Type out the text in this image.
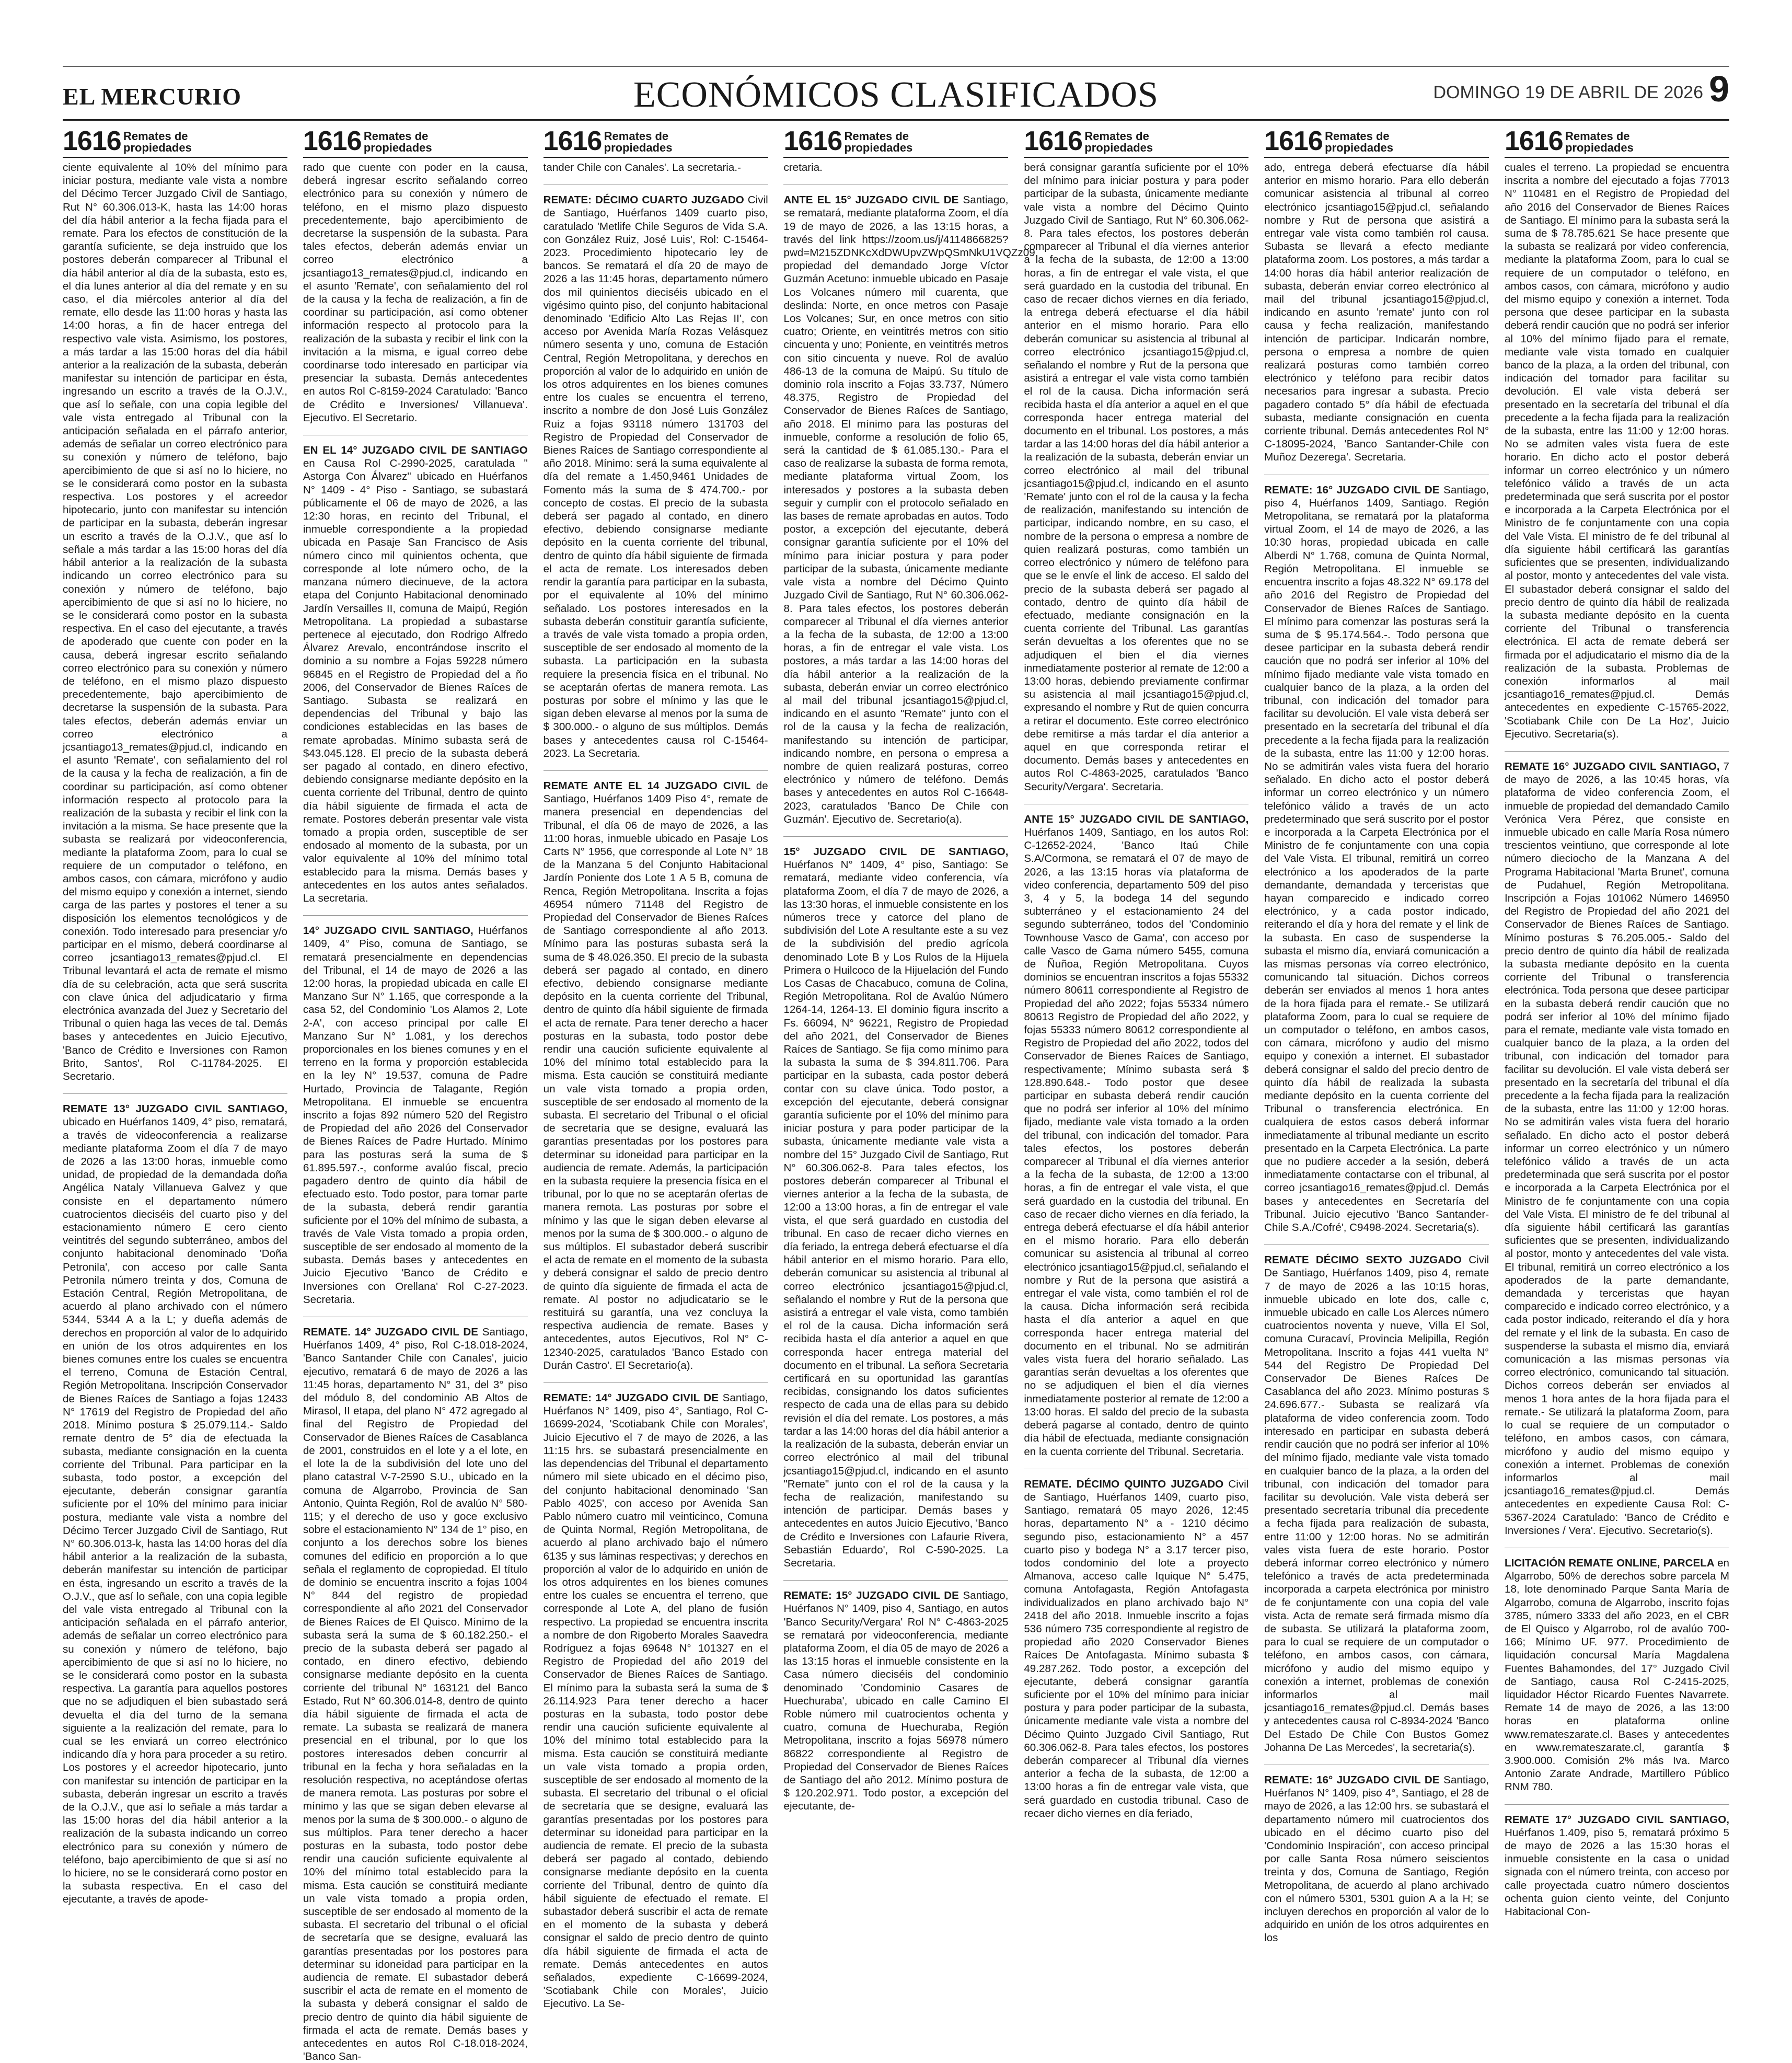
EL MERCURIO	ECONÓMICOS CLASIFICADOS	DOMINGO 19 DE ABRIL DE 2026 9
1616 Remates de
propiedades

ciente equivalente al 10% del mínimo para iniciar postura, mediante vale vista a nombre del Décimo Tercer Juzgado Civil de Santiago, Rut N° 60.306.013-K, hasta las 14:00 horas del día hábil anterior a la fecha fijada para el remate. Para los efectos de constitución de la garantía suficiente, se deja instruido que los postores deberán comparecer al Tribunal el día hábil anterior al día de la subasta, esto es, el día lunes anterior al día del remate y en su caso, el día miércoles anterior al día del remate, ello desde las 11:00 horas y hasta las 14:00 horas, a fin de hacer entrega del respectivo vale vista. Asimismo, los postores, a más tardar a las 15:00 horas del día hábil anterior a la realización de la subasta, deberán manifestar su intención de participar en ésta, ingresando un escrito a través de la O.J.V., que así lo señale, con una copia legible del vale vista entregado al Tribunal con la anticipación señalada en el párrafo anterior, además de señalar un correo electrónico para su conexión y número de teléfono, bajo apercibimiento de que si así no lo hiciere, no se le considerará como postor en la subasta respectiva. Los postores y el acreedor hipotecario, junto con manifestar su intención de participar en la subasta, deberán ingresar un escrito a través de la O.J.V., que así lo señale a más tardar a las 15:00 horas del día hábil anterior a la realización de la subasta indicando un correo electrónico para su conexión y número de teléfono, bajo apercibimiento de que si así no lo hiciere, no se le considerará como postor en la subasta respectiva. En el caso del ejecutante, a través de apoderado que cuente con poder en la causa, deberá ingresar escrito señalando correo electrónico para su conexión y número de teléfono, en el mismo plazo dispuesto precedentemente, bajo apercibimiento de decretarse la suspensión de la subasta. Para tales efectos, deberán además enviar un correo electrónico a jcsantiago13_remates@pjud.cl, indicando en el asunto 'Remate', con señalamiento del rol de la causa y la fecha de realización, a fin de coordinar su participación, así como obtener información respecto al protocolo para la realización de la subasta y recibir el link con la invitación a la misma. Se hace presente que la subasta se realizará por videoconferencia, mediante la plataforma Zoom, para lo cual se requiere de un computador o teléfono, en ambos casos, con cámara, micrófono y audio del mismo equipo y conexión a internet, siendo carga de las partes y postores el tener a su disposición los elementos tecnológicos y de conexión. Todo interesado para presenciar y/o participar en el mismo, deberá coordinarse al correo jcsantiago13_remates@pjud.cl. El Tribunal levantará el acta de remate el mismo día de su celebración, acta que será suscrita con clave única del adjudicatario y firma electrónica avanzada del Juez y Secretario del Tribunal o quien haga las veces de tal. Demás bases y antecedentes en Juicio Ejecutivo, 'Banco de Crédito e Inversiones con Ramon Brito, Santos', Rol C-11784-2025. El Secretario.

REMATE 13° JUZGADO CIVIL SANTIAGO, ubicado en Huérfanos 1409, 4° piso, rematará, a través de videoconferencia a realizarse mediante plataforma Zoom el día 7 de mayo de 2026 a las 13:00 horas, inmueble como unidad, de propiedad de la demandada doña Angélica Nataly Villanueva Galvez y que consiste en el departamento número cuatrocientos dieciséis del cuarto piso y del estacionamiento número E cero ciento veintitrés del segundo subterráneo, ambos del conjunto habitacional denominado 'Doña Petronila', con acceso por calle Santa Petronila número treinta y dos, Comuna de Estación Central, Región Metropolitana, de acuerdo al plano archivado con el número 5344, 5344 A a la L; y dueña además de derechos en proporción al valor de lo adquirido en unión de los otros adquirentes en los bienes comunes entre los cuales se encuentra el terreno, Comuna de Estación Central, Región Metropolitana. Inscripción Conservador de Bienes Raíces de Santiago a fojas 12433 N° 17619 del Registro de Propiedad del año 2018. Mínimo postura $ 25.079.114.- Saldo remate dentro de 5° día de efectuada la subasta, mediante consignación en la cuenta corriente del Tribunal. Para participar en la subasta, todo postor, a excepción del ejecutante, deberán consignar garantía suficiente por el 10% del mínimo para iniciar postura, mediante vale vista a nombre del Décimo Tercer Juzgado Civil de Santiago, Rut N° 60.306.013-k, hasta las 14:00 horas del día hábil anterior a la realización de la subasta, deberán manifestar su intención de participar en ésta, ingresando un escrito a través de la O.J.V., que así lo señale, con una copia legible del vale vista entregado al Tribunal con la anticipación señalada en el párrafo anterior, además de señalar un correo electrónico para su conexión y número de teléfono, bajo apercibimiento de que si así no lo hiciere, no se le considerará como postor en la subasta respectiva. La garantía para aquellos postores que no se adjudiquen el bien subastado será devuelta el día del turno de la semana siguiente a la realización del remate, para lo cual se les enviará un correo electrónico indicando día y hora para proceder a su retiro. Los postores y el acreedor hipotecario, junto con manifestar su intención de participar en la subasta, deberán ingresar un escrito a través de la O.J.V., que así lo señale a más tardar a las 15:00 horas del día hábil anterior a la realización de la subasta indicando un correo electrónico para su conexión y número de teléfono, bajo apercibimiento de que si así no lo hiciere, no se le considerará como postor en la subasta respectiva. En el caso del ejecutante, a través de apode-

1616 Remates de
propiedades

rado que cuente con poder en la causa, deberá ingresar escrito señalando correo electrónico para su conexión y número de teléfono, en el mismo plazo dispuesto precedentemente, bajo apercibimiento de decretarse la suspensión de la subasta. Para tales efectos, deberán además enviar un correo electrónico a jcsantiago13_remates@pjud.cl, indicando en el asunto 'Remate', con señalamiento del rol de la causa y la fecha de realización, a fin de coordinar su participación, así como obtener información respecto al protocolo para la realización de la subasta y recibir el link con la invitación a la misma, e igual correo debe coordinarse todo interesado en participar vía presenciar la subasta. Demás antecedentes en autos Rol C-8159-2024 Caratulado: 'Banco de Crédito e Inversiones/ Villanueva'. Ejecutivo. El Secretario.

EN EL 14° JUZGADO CIVIL DE SANTIAGO en Causa Rol C-2990-2025, caratulada " Astorga Con Álvarez" ubicado en Huérfanos N° 1409 - 4° Piso - Santiago, se subastará públicamente el 06 de mayo de 2026, a las 12:30 horas, en recinto del Tribunal, el inmueble correspondiente a la propiedad ubicada en Pasaje San Francisco de Asis número cinco mil quinientos ochenta, que corresponde al lote número ocho, de la manzana número diecinueve, de la actora etapa del Conjunto Habitacional denominado Jardín Versailles II, comuna de Maipú, Región Metropolitana. La propiedad a subastarse pertenece al ejecutado, don Rodrigo Alfredo Álvarez Arevalo, encontrándose inscrito el dominio a su nombre a Fojas 59228 número 96845 en el Registro de Propiedad del a ño 2006, del Conservador de Bienes Raíces de Santiago. Subasta se realizará en dependencias del Tribunal y bajo las condiciones establecidas en las bases de remate aprobadas. Mínimo subasta será de $43.045.128. El precio de la subasta deberá ser pagado al contado, en dinero efectivo, debiendo consignarse mediante depósito en la cuenta corriente del Tribunal, dentro de quinto día hábil siguiente de firmada el acta de remate. Postores deberán presentar vale vista tomado a propia orden, susceptible de ser endosado al momento de la subasta, por un valor equivalente al 10% del mínimo total establecido para la misma. Demás bases y antecedentes en los autos antes señalados. La secretaria.

14° JUZGADO CIVIL SANTIAGO, Huérfanos 1409, 4° Piso, comuna de Santiago, se rematará presencialmente en dependencias del Tribunal, el 14 de mayo de 2026 a las 12:00 horas, la propiedad ubicada en calle El Manzano Sur N° 1.165, que corresponde a la casa 52, del Condominio 'Los Alamos 2, Lote 2-A', con acceso principal por calle El Manzano Sur N° 1.081, y los derechos proporcionales en los bienes comunes y en el terreno en la forma y proporción establecida en la ley N° 19.537, comuna de Padre Hurtado, Provincia de Talagante, Región Metropolitana. El inmueble se encuentra inscrito a fojas 892 número 520 del Registro de Propiedad del año 2026 del Conservador de Bienes Raíces de Padre Hurtado. Mínimo para las posturas será la suma de $ 61.895.597.-, conforme avalúo fiscal, precio pagadero dentro de quinto día hábil de efectuado esto. Todo postor, para tomar parte de la subasta, deberá rendir garantía suficiente por el 10% del mínimo de subasta, a través de Vale Vista tomado a propia orden, susceptible de ser endosado al momento de la subasta. Demás bases y antecedentes en Juicio Ejecutivo 'Banco de Crédito e Inversiones con Orellana' Rol C-27-2023. Secretaria.

REMATE. 14° JUZGADO CIVIL DE Santiago, Huérfanos 1409, 4° piso, Rol C-18.018-2024, 'Banco Santander Chile con Canales', juicio ejecutivo, rematará 6 de mayo de 2026 a las 11:45 horas, departamento N° 31, del 3° piso del módulo 8, del condominio AB Altos de Mirasol, II etapa, del plano N° 472 agregado al final del Registro de Propiedad del Conservador de Bienes Raíces de Casablanca de 2001, construidos en el lote y a el lote, en el lote la de la subdivisión del lote uno del plano catastral V-7-2590 S.U., ubicado en la comuna de Algarrobo, Provincia de San Antonio, Quinta Región, Rol de avalúo N° 580-115; y el derecho de uso y goce exclusivo sobre el estacionamiento N° 134 de 1° piso, en conjunto a los derechos sobre los bienes comunes del edificio en proporción a lo que señala el reglamento de copropiedad. El título de dominio se encuentra inscrito a fojas 1004 N° 844 del registro de propiedad correspondiente al año 2021 del Conservador de Bienes Raíces de El Quisco. Mínimo de la subasta será la suma de $ 60.182.250.- el precio de la subasta deberá ser pagado al contado, en dinero efectivo, debiendo consignarse mediante depósito en la cuenta corriente del tribunal N° 163121 del Banco Estado, Rut N° 60.306.014-8, dentro de quinto día hábil siguiente de firmada el acta de remate. La subasta se realizará de manera presencial en el tribunal, por lo que los postores interesados deben concurrir al tribunal en la fecha y hora señaladas en la resolución respectiva, no aceptándose ofertas de manera remota. Las posturas por sobre el mínimo y las que se sigan deben elevarse al menos por la suma de $ 300.000.- o alguno de sus múltiplos. Para tener derecho a hacer posturas en la subasta, todo postor debe rendir una caución suficiente equivalente al 10% del mínimo total establecido para la misma. Esta caución se constituirá mediante un vale vista tomado a propia orden, susceptible de ser endosado al momento de la subasta. El secretario del tribunal o el oficial de secretaría que se designe, evaluará las garantías presentadas por los postores para determinar su idoneidad para participar en la audiencia de remate. El subastador deberá suscribir el acta de remate en el momento de la subasta y deberá consignar el saldo de precio dentro de quinto día hábil siguiente de firmada el acta de remate. Demás bases y antecedentes en autos Rol C-18.018-2024, 'Banco San-

1616 Remates de
propiedades

tander Chile con Canales'. La secretaria.-

REMATE: DÉCIMO CUARTO JUZGADO Civil de Santiago, Huérfanos 1409 cuarto piso, caratulado 'Metlife Chile Seguros de Vida S.A. con González Ruiz, José Luis', Rol: C-15464-2023. Procedimiento hipotecario ley de bancos. Se rematará el día 20 de mayo de 2026 a las 11:45 horas, departamento número dos mil quinientos dieciséis ubicado en el vigésimo quinto piso, del conjunto habitacional denominado 'Edificio Alto Las Rejas II', con acceso por Avenida María Rozas Velásquez número sesenta y uno, comuna de Estación Central, Región Metropolitana, y derechos en proporción al valor de lo adquirido en unión de los otros adquirentes en los bienes comunes entre los cuales se encuentra el terreno, inscrito a nombre de don José Luis González Ruiz a fojas 93118 número 131703 del Registro de Propiedad del Conservador de Bienes Raíces de Santiago correspondiente al año 2018. Mínimo: será la suma equivalente al día del remate a 1.450,9461 Unidades de Fomento más la suma de $ 474.700.- por concepto de costas. El precio de la subasta deberá ser pagado al contado, en dinero efectivo, debiendo consignarse mediante depósito en la cuenta corriente del tribunal, dentro de quinto día hábil siguiente de firmada el acta de remate. Los interesados deben rendir la garantía para participar en la subasta, por el equivalente al 10% del mínimo señalado. Los postores interesados en la subasta deberán constituir garantía suficiente, a través de vale vista tomado a propia orden, susceptible de ser endosado al momento de la subasta. La participación en la subasta requiere la presencia física en el tribunal. No se aceptarán ofertas de manera remota. Las posturas por sobre el mínimo y las que le sigan deben elevarse al menos por la suma de $ 300.000.- o alguno de sus múltiplos. Demás bases y antecedentes causa rol C-15464-2023. La Secretaria.

REMATE ANTE EL 14 JUZGADO CIVIL de Santiago, Huérfanos 1409 Piso 4°, remate de manera presencial en dependencias del Tribunal, el día 06 de mayo de 2026, a las 11:00 horas, inmueble ubicado en Pasaje Los Carts N° 1956, que corresponde al Lote N° 18 de la Manzana 5 del Conjunto Habitacional Jardín Poniente dos Lote 1 A 5 B, comuna de Renca, Región Metropolitana. Inscrita a fojas 46954 número 71148 del Registro de Propiedad del Conservador de Bienes Raíces de Santiago correspondiente al año 2013. Mínimo para las posturas subasta será la suma de $ 48.026.350. El precio de la subasta deberá ser pagado al contado, en dinero efectivo, debiendo consignarse mediante depósito en la cuenta corriente del Tribunal, dentro de quinto día hábil siguiente de firmada el acta de remate. Para tener derecho a hacer posturas en la subasta, todo postor debe rendir una caución suficiente equivalente al 10% del mínimo total establecido para la misma. Esta caución se constituirá mediante un vale vista tomado a propia orden, susceptible de ser endosado al momento de la subasta. El secretario del Tribunal o el oficial de secretaría que se designe, evaluará las garantías presentadas por los postores para determinar su idoneidad para participar en la audiencia de remate. Además, la participación en la subasta requiere la presencia física en el tribunal, por lo que no se aceptarán ofertas de manera remota. Las posturas por sobre el mínimo y las que le sigan deben elevarse al menos por la suma de $ 300.000.- o alguno de sus múltiplos. El subastador deberá suscribir el acta de remate en el momento de la subasta y deberá consignar el saldo de precio dentro de quinto día siguiente de firmada el acta de remate. Al postor no adjudicatario se le restituirá su garantía, una vez concluya la respectiva audiencia de remate. Bases y antecedentes, autos Ejecutivos, Rol N° C-12340-2025, caratulados 'Banco Estado con Durán Castro'. El Secretario(a).

REMATE: 14° JUZGADO CIVIL DE Santiago, Huérfanos N° 1409, piso 4°, Santiago, Rol C-16699-2024, 'Scotiabank Chile con Morales', Juicio Ejecutivo el 7 de mayo de 2026, a las 11:15 hrs. se subastará presencialmente en las dependencias del Tribunal el departamento número mil siete ubicado en el décimo piso, del conjunto habitacional denominado 'San Pablo 4025', con acceso por Avenida San Pablo número cuatro mil veinticinco, Comuna de Quinta Normal, Región Metropolitana, de acuerdo al plano archivado bajo el número 6135 y sus láminas respectivas; y derechos en proporción al valor de lo adquirido en unión de los otros adquirentes en los bienes comunes entre los cuales se encuentra el terreno, que corresponde al Lote A, del plano de fusión respectivo. La propiedad se encuentra inscrita a nombre de don Rigoberto Morales Saavedra Rodríguez a fojas 69648 N° 101327 en el Registro de Propiedad del año 2019 del Conservador de Bienes Raíces de Santiago. El mínimo para la subasta será la suma de $ 26.114.923 Para tener derecho a hacer posturas en la subasta, todo postor debe rendir una caución suficiente equivalente al 10% del mínimo total establecido para la misma. Esta caución se constituirá mediante un vale vista tomado a propia orden, susceptible de ser endosado al momento de la subasta. El secretario del tribunal o el oficial de secretaría que se designe, evaluará las garantías presentadas por los postores para determinar su idoneidad para participar en la audiencia de remate. El precio de la subasta deberá ser pagado al contado, debiendo consignarse mediante depósito en la cuenta corriente del Tribunal, dentro de quinto día hábil siguiente de efectuado el remate. El subastador deberá suscribir el acta de remate en el momento de la subasta y deberá consignar el saldo de precio dentro de quinto día hábil siguiente de firmada el acta de remate. Demás antecedentes en autos señalados, expediente C-16699-2024, 'Scotiabank Chile con Morales', Juicio Ejecutivo. La Se-

1616 Remates de
propiedades

cretaria.

ANTE EL 15° JUZGADO CIVIL DE Santiago, se rematará, mediante plataforma Zoom, el día 19 de mayo de 2026, a las 13:15 horas, a través del link https://zoom.us/j/4114866825? pwd=M215ZDNKcXdDWUpvZWpQSmNkU1VQZz09, propiedad del demandado Jorge Víctor Guzmán Acetuno: inmueble ubicado en Pasaje Los Volcanes número mil cuarenta, que deslinda: Norte, en once metros con Pasaje Los Volcanes; Sur, en once metros con sitio cuatro; Oriente, en veintitrés metros con sitio cincuenta y uno; Poniente, en veintitrés metros con sitio cincuenta y nueve. Rol de avalúo 486-13 de la comuna de Maipú. Su título de dominio rola inscrito a Fojas 33.737, Número 48.375, Registro de Propiedad del Conservador de Bienes Raíces de Santiago, año 2018. El mínimo para las posturas del inmueble, conforme a resolución de folio 65, será la cantidad de $ 61.085.130.- Para el caso de realizarse la subasta de forma remota, mediante plataforma virtual Zoom, los interesados y postores a la subasta deben seguir y cumplir con el protocolo señalado en las bases de remate aprobadas en autos. Todo postor, a excepción del ejecutante, deberá consignar garantía suficiente por el 10% del mínimo para iniciar postura y para poder participar de la subasta, únicamente mediante vale vista a nombre del Décimo Quinto Juzgado Civil de Santiago, Rut N° 60.306.062-8. Para tales efectos, los postores deberán comparecer al Tribunal el día viernes anterior a la fecha de la subasta, de 12:00 a 13:00 horas, a fin de entregar el vale vista. Los postores, a más tardar a las 14:00 horas del día hábil anterior a la realización de la subasta, deberán enviar un correo electrónico al mail del tribunal jcsantiago15@pjud.cl, indicando en el asunto "Remate" junto con el rol de la causa y la fecha de realización, manifestando su intención de participar, indicando nombre, en persona o empresa a nombre de quien realizará posturas, correo electrónico y número de teléfono. Demás bases y antecedentes en autos Rol C-16648-2023, caratulados 'Banco De Chile con Guzmán'. Ejecutivo de. Secretario(a).

15° JUZGADO CIVIL DE SANTIAGO, Huérfanos N° 1409, 4° piso, Santiago: Se rematará, mediante video conferencia, vía plataforma Zoom, el día 7 de mayo de 2026, a las 13:30 horas, el inmueble consistente en los números trece y catorce del plano de subdivisión del Lote A resultante este a su vez de la subdivisión del predio agrícola denominado Lote B y Los Rulos de la Hijuela Primera o Huilcoco de la Hijuelación del Fundo Los Casas de Chacabuco, comuna de Colina, Región Metropolitana. Rol de Avalúo Número 1264-14, 1264-13. El dominio figura inscrito a Fs. 66094, N° 96221, Registro de Propiedad del año 2021, del Conservador de Bienes Raíces de Santiago. Se fija como mínimo para la subasta la suma de $ 394.811.706. Para participar en la subasta, cada postor deberá contar con su clave única. Todo postor, a excepción del ejecutante, deberá consignar garantía suficiente por el 10% del mínimo para iniciar postura y para poder participar de la subasta, únicamente mediante vale vista a nombre del 15° Juzgado Civil de Santiago, Rut N° 60.306.062-8. Para tales efectos, los postores deberán comparecer al Tribunal el viernes anterior a la fecha de la subasta, de 12:00 a 13:00 horas, a fin de entregar el vale vista, el que será guardado en custodia del tribunal. En caso de recaer dicho viernes en día feriado, la entrega deberá efectuarse el día hábil anterior en el mismo horario. Para ello, deberán comunicar su asistencia al tribunal al correo electrónico jcsantiago15@pjud.cl, señalando el nombre y Rut de la persona que asistirá a entregar el vale vista, como también el rol de la causa. Dicha información será recibida hasta el día anterior a aquel en que corresponda hacer entrega material del documento en el tribunal. La señora Secretaria certificará en su oportunidad las garantías recibidas, consignando los datos suficientes respecto de cada una de ellas para su debido revisión el día del remate. Los postores, a más tardar a las 14:00 horas del día hábil anterior a la realización de la subasta, deberán enviar un correo electrónico al mail del tribunal jcsantiago15@pjud.cl, indicando en el asunto "Remate" junto con el rol de la causa y la fecha de realización, manifestando su intención de participar. Demás bases y antecedentes en autos Juicio Ejecutivo, 'Banco de Crédito e Inversiones con Lafaurie Rivera, Sebastián Eduardo', Rol C-590-2025. La Secretaria.

REMATE: 15° JUZGADO CIVIL DE Santiago, Huérfanos N° 1409, piso 4, Santiago, en autos 'Banco Security/Vergara' Rol N° C-4863-2025 se rematará por videoconferencia, mediante plataforma Zoom, el día 05 de mayo de 2026 a las 13:15 horas el inmueble consistente en la Casa número dieciséis del condominio denominado 'Condominio Casares de Huechuraba', ubicado en calle Camino El Roble número mil cuatrocientos ochenta y cuatro, comuna de Huechuraba, Región Metropolitana, inscrito a fojas 56978 número 86822 correspondiente al Registro de Propiedad del Conservador de Bienes Raíces de Santiago del año 2012. Mínimo postura de $ 120.202.971. Todo postor, a excepción del ejecutante, de-

1616 Remates de
propiedades

berá consignar garantía suficiente por el 10% del mínimo para iniciar postura y para poder participar de la subasta, únicamente mediante vale vista a nombre del Décimo Quinto Juzgado Civil de Santiago, Rut N° 60.306.062-8. Para tales efectos, los postores deberán comparecer al Tribunal el día viernes anterior a la fecha de la subasta, de 12:00 a 13:00 horas, a fin de entregar el vale vista, el que será guardado en la custodia del tribunal. En caso de recaer dichos viernes en día feriado, la entrega deberá efectuarse el día hábil anterior en el mismo horario. Para ello deberán comunicar su asistencia al tribunal al correo electrónico jcsantiago15@pjud.cl, señalando el nombre y Rut de la persona que asistirá a entregar el vale vista como también el rol de la causa. Dicha información será recibida hasta el día anterior a aquel en el que corresponda hacer entrega material del documento en el tribunal. Los postores, a más tardar a las 14:00 horas del día hábil anterior a la realización de la subasta, deberán enviar un correo electrónico al mail del tribunal jcsantiago15@pjud.cl, indicando en el asunto 'Remate' junto con el rol de la causa y la fecha de realización, manifestando su intención de participar, indicando nombre, en su caso, el nombre de la persona o empresa a nombre de quien realizará posturas, como también un correo electrónico y número de teléfono para que se le envíe el link de acceso. El saldo del precio de la subasta deberá ser pagado al contado, dentro de quinto día hábil de efectuado, mediante consignación en la cuenta corriente del Tribunal. Las garantías serán devueltas a los oferentes que no se adjudiquen el bien el día viernes inmediatamente posterior al remate de 12:00 a 13:00 horas, debiendo previamente confirmar su asistencia al mail jcsantiago15@pjud.cl, expresando el nombre y Rut de quien concurra a retirar el documento. Este correo electrónico debe remitirse a más tardar el día anterior a aquel en que corresponda retirar el documento. Demás bases y antecedentes en autos Rol C-4863-2025, caratulados 'Banco Security/Vergara'. Secretaria.

ANTE 15° JUZGADO CIVIL DE SANTIAGO, Huérfanos 1409, Santiago, en los autos Rol: C-12652-2024, 'Banco Itaú Chile S.A/Cormona, se rematará el 07 de mayo de 2026, a las 13:15 horas vía plataforma de video conferencia, departamento 509 del piso 3, 4 y 5, la bodega 14 del segundo subterráneo y el estacionamiento 24 del segundo subterráneo, todos del 'Condominio Townhouse Vasco de Gama', con acceso por calle Vasco de Gama número 5455, comuna de Ñuñoa, Región Metropolitana. Cuyos dominios se encuentran inscritos a fojas 55332 número 80611 correspondiente al Registro de Propiedad del año 2022; fojas 55334 número 80613 Registro de Propiedad del año 2022, y fojas 55333 número 80612 correspondiente al Registro de Propiedad del año 2022, todos del Conservador de Bienes Raíces de Santiago, respectivamente; Mínimo subasta será $ 128.890.648.- Todo postor que desee participar en subasta deberá rendir caución que no podrá ser inferior al 10% del mínimo fijado, mediante vale vista tomado a la orden del tribunal, con indicación del tomador. Para tales efectos, los postores deberán comparecer al Tribunal el día viernes anterior a la fecha de la subasta, de 12:00 a 13:00 horas, a fin de entregar el vale vista, el que será guardado en la custodia del tribunal. En caso de recaer dicho viernes en día feriado, la entrega deberá efectuarse el día hábil anterior en el mismo horario. Para ello deberán comunicar su asistencia al tribunal al correo electrónico jcsantiago15@pjud.cl, señalando el nombre y Rut de la persona que asistirá a entregar el vale vista, como también el rol de la causa. Dicha información será recibida hasta el día anterior a aquel en que corresponda hacer entrega material del documento en el tribunal. No se admitirán vales vista fuera del horario señalado. Las garantías serán devueltas a los oferentes que no se adjudiquen el bien el día viernes inmediatamente posterior al remate de 12:00 a 13:00 horas. El saldo del precio de la subasta deberá pagarse al contado, dentro de quinto día hábil de efectuada, mediante consignación en la cuenta corriente del Tribunal. Secretaria.

REMATE. DÉCIMO QUINTO JUZGADO Civil de Santiago, Huérfanos 1409, cuarto piso, Santiago, rematará 05 mayo 2026, 12:45 horas, departamento N° a - 1210 décimo segundo piso, estacionamiento N° a 457 cuarto piso y bodega N° a 3.17 tercer piso, todos condominio del lote a proyecto Almanova, acceso calle Iquique N° 5.475, comuna Antofagasta, Región Antofagasta individualizados en plano archivado bajo N° 2418 del año 2018. Inmueble inscrito a fojas 536 número 735 correspondiente al registro de propiedad año 2020 Conservador Bienes Raíces De Antofagasta. Mínimo subasta $ 49.287.262. Todo postor, a excepción del ejecutante, deberá consignar garantía suficiente por el 10% del mínimo para iniciar postura y para poder participar de la subasta, únicamente mediante vale vista a nombre del Décimo Quinto Juzgado Civil Santiago, Rut 60.306.062-8. Para tales efectos, los postores deberán comparecer al Tribunal día viernes anterior a fecha de la subasta, de 12:00 a 13:00 horas a fin de entregar vale vista, que será guardado en custodia tribunal. Caso de recaer dicho viernes en día feriado,

1616 Remates de
propiedades

ado, entrega deberá efectuarse día hábil anterior en mismo horario. Para ello deberán comunicar asistencia al tribunal al correo electrónico jcsantiago15@pjud.cl, señalando nombre y Rut de persona que asistirá a entregar vale vista como también rol causa. Subasta se llevará a efecto mediante plataforma zoom. Los postores, a más tardar a 14:00 horas día hábil anterior realización de subasta, deberán enviar correo electrónico al mail del tribunal jcsantiago15@pjud.cl, indicando en asunto 'remate' junto con rol causa y fecha realización, manifestando intención de participar. Indicarán nombre, persona o empresa a nombre de quien realizará posturas como también correo electrónico y teléfono para recibir datos necesarios para ingresar a subasta. Precio pagadero contado 5° día hábil de efectuada subasta, mediante consignación en cuenta corriente tribunal. Demás antecedentes Rol N° C-18095-2024, 'Banco Santander-Chile con Muñoz Dezerega'. Secretaria.

REMATE: 16° JUZGADO CIVIL DE Santiago, piso 4, Huérfanos 1409, Santiago. Región Metropolitana, se rematará por la plataforma virtual Zoom, el 14 de mayo de 2026, a las 10:30 horas, propiedad ubicada en calle Alberdi N° 1.768, comuna de Quinta Normal, Región Metropolitana. El inmueble se encuentra inscrito a fojas 48.322 N° 69.178 del año 2016 del Registro de Propiedad del Conservador de Bienes Raíces de Santiago. El mínimo para comenzar las posturas será la suma de $ 95.174.564.-. Todo persona que desee participar en la subasta deberá rendir caución que no podrá ser inferior al 10% del mínimo fijado mediante vale vista tomado en cualquier banco de la plaza, a la orden del tribunal, con indicación del tomador para facilitar su devolución. El vale vista deberá ser presentado en la secretaría del tribunal el día precedente a la fecha fijada para la realización de la subasta, entre las 11:00 y 12:00 horas. No se admitirán vales vista fuera del horario señalado. En dicho acto el postor deberá informar un correo electrónico y un número telefónico válido a través de un acto predeterminado que será suscrito por el postor e incorporada a la Carpeta Electrónica por el Ministro de fe conjuntamente con una copia del Vale Vista. El tribunal, remitirá un correo electrónico a los apoderados de la parte demandante, demandada y terceristas que hayan comparecido e indicado correo electrónico, y a cada postor indicado, reiterando el día y hora del remate y el link de la subasta. En caso de suspenderse la subasta el mismo día, enviará comunicación a las mismas personas vía correo electrónico, comunicando tal situación. Dichos correos deberán ser enviados al menos 1 hora antes de la hora fijada para el remate.- Se utilizará plataforma Zoom, para lo cual se requiere de un computador o teléfono, en ambos casos, con cámara, micrófono y audio del mismo equipo y conexión a internet. El subastador deberá consignar el saldo del precio dentro de quinto día hábil de realizada la subasta mediante depósito en la cuenta corriente del Tribunal o transferencia electrónica. En cualquiera de estos casos deberá informar inmediatamente al tribunal mediante un escrito presentado en la Carpeta Electrónica. La parte que no pudiere acceder a la sesión, deberá inmediatamente contactarse con el tribunal, al correo jcsantiago16_remates@pjud.cl. Demás bases y antecedentes en Secretaría del Tribunal. Juicio ejecutivo 'Banco Santander- Chile S.A./Cofré', C9498-2024. Secretaria(s).

REMATE DÉCIMO SEXTO JUZGADO Civil De Santiago, Huérfanos 1409, piso 4, remate 7 de mayo de 2026 a las 10:15 horas, inmueble ubicado en lote dos, calle c, inmueble ubicado en calle Los Alerces número cuatrocientos noventa y nueve, Villa El Sol, comuna Curacaví, Provincia Melipilla, Región Metropolitana. Inscrito a fojas 441 vuelta N° 544 del Registro De Propiedad Del Conservador De Bienes Raíces De Casablanca del año 2023. Mínimo posturas $ 24.696.677.- Subasta se realizará vía plataforma de video conferencia zoom. Todo interesado en participar en subasta deberá rendir caución que no podrá ser inferior al 10% del mínimo fijado, mediante vale vista tomado en cualquier banco de la plaza, a la orden del tribunal, con indicación del tomador para facilitar su devolución. Vale vista deberá ser presentado secretaría tribunal día precedente a fecha fijada para realización de subasta, entre 11:00 y 12:00 horas. No se admitirán vales vista fuera de este horario. Postor deberá informar correo electrónico y número telefónico a través de acta predeterminada incorporada a carpeta electrónica por ministro de fe conjuntamente con una copia del vale vista. Acta de remate será firmada mismo día de subasta. Se utilizará la plataforma zoom, para lo cual se requiere de un computador o teléfono, en ambos casos, con cámara, micrófono y audio del mismo equipo y conexión a internet, problemas de conexión informarlos al mail jcsantiago16_remates@pjud.cl. Demás bases y antecedentes causa rol C-8934-2024 'Banco Del Estado De Chile Con Bustos Gomez Johanna De Las Mercedes', la secretaria(s).

REMATE: 16° JUZGADO CIVIL DE Santiago, Huérfanos N° 1409, piso 4°, Santiago, el 28 de mayo de 2026, a las 12:00 hrs. se subastará el departamento número mil cuatrocientos dos ubicado en el décimo cuarto piso del 'Condominio Inspiración', con acceso principal por calle Santa Rosa número seiscientos treinta y dos, Comuna de Santiago, Región Metropolitana, de acuerdo al plano archivado con el número 5301, 5301 guion A a la H; se incluyen derechos en proporción al valor de lo adquirido en unión de los otros adquirentes en los

1616 Remates de
propiedades

cuales el terreno. La propiedad se encuentra inscrita a nombre del ejecutado a fojas 77013 N° 110481 en el Registro de Propiedad del año 2016 del Conservador de Bienes Raíces de Santiago. El mínimo para la subasta será la suma de $ 78.785.621 Se hace presente que la subasta se realizará por video conferencia, mediante la plataforma Zoom, para lo cual se requiere de un computador o teléfono, en ambos casos, con cámara, micrófono y audio del mismo equipo y conexión a internet. Toda persona que desee participar en la subasta deberá rendir caución que no podrá ser inferior al 10% del mínimo fijado para el remate, mediante vale vista tomado en cualquier banco de la plaza, a la orden del tribunal, con indicación del tomador para facilitar su devolución. El vale vista deberá ser presentado en la secretaría del tribunal el día precedente a la fecha fijada para la realización de la subasta, entre las 11:00 y 12:00 horas. No se admiten vales vista fuera de este horario. En dicho acto el postor deberá informar un correo electrónico y un número telefónico válido a través de un acta predeterminada que será suscrita por el postor e incorporada a la Carpeta Electrónica por el Ministro de fe conjuntamente con una copia del Vale Vista. El ministro de fe del tribunal al día siguiente hábil certificará las garantías suficientes que se presenten, individualizando al postor, monto y antecedentes del vale vista. El subastador deberá consignar el saldo del precio dentro de quinto día hábil de realizada la subasta mediante depósito en la cuenta corriente del Tribunal o transferencia electrónica. El acta de remate deberá ser firmada por el adjudicatario el mismo día de la realización de la subasta. Problemas de conexión informarlos al mail jcsantiago16_remates@pjud.cl. Demás antecedentes en expediente C-15765-2022, 'Scotiabank Chile con De La Hoz', Juicio Ejecutivo. Secretaria(s).

REMATE 16° JUZGADO CIVIL SANTIAGO, 7 de mayo de 2026, a las 10:45 horas, vía plataforma de video conferencia Zoom, el inmueble de propiedad del demandado Camilo Verónica Vera Pérez, que consiste en inmueble ubicado en calle María Rosa número trescientos veintiuno, que corresponde al lote número dieciocho de la Manzana A del Programa Habitacional 'Marta Brunet', comuna de Pudahuel, Región Metropolitana. Inscripción a Fojas 101062 Número 146950 del Registro de Propiedad del año 2021 del Conservador de Bienes Raíces de Santiago. Mínimo posturas $ 76.205.005.- Saldo del precio dentro de quinto día hábil de realizada la subasta mediante depósito en la cuenta corriente del Tribunal o transferencia electrónica. Toda persona que desee participar en la subasta deberá rendir caución que no podrá ser inferior al 10% del mínimo fijado para el remate, mediante vale vista tomado en cualquier banco de la plaza, a la orden del tribunal, con indicación del tomador para facilitar su devolución. El vale vista deberá ser presentado en la secretaría del tribunal el día precedente a la fecha fijada para la realización de la subasta, entre las 11:00 y 12:00 horas. No se admitirán vales vista fuera del horario señalado. En dicho acto el postor deberá informar un correo electrónico y un número telefónico válido a través de un acta predeterminada que será suscrita por el postor e incorporada a la Carpeta Electrónica por el Ministro de fe conjuntamente con una copia del Vale Vista. El ministro de fe del tribunal al día siguiente hábil certificará las garantías suficientes que se presenten, individualizando al postor, monto y antecedentes del vale vista. El tribunal, remitirá un correo electrónico a los apoderados de la parte demandante, demandada y terceristas que hayan comparecido e indicado correo electrónico, y a cada postor indicado, reiterando el día y hora del remate y el link de la subasta. En caso de suspenderse la subasta el mismo día, enviará comunicación a las mismas personas vía correo electrónico, comunicando tal situación. Dichos correos deberán ser enviados al menos 1 hora antes de la hora fijada para el remate.- Se utilizará la plataforma Zoom, para lo cual se requiere de un computador o teléfono, en ambos casos, con cámara, micrófono y audio del mismo equipo y conexión a internet. Problemas de conexión informarlos al mail jcsantiago16_remates@pjud.cl. Demás antecedentes en expediente Causa Rol: C-5367-2024 Caratulado: 'Banco de Crédito e Inversiones / Vera'. Ejecutivo. Secretario(s).

LICITACIÓN REMATE ONLINE, PARCELA en Algarrobo, 50% de derechos sobre parcela M 18, lote denominado Parque Santa María de Algarrobo, comuna de Algarrobo, inscrito fojas 3785, número 3333 del año 2023, en el CBR de El Quisco y Algarrobo, rol de avalúo 700-166; Mínimo UF. 977. Procedimiento de liquidación concursal María Magdalena Fuentes Bahamondes, del 17° Juzgado Civil de Santiago, causa Rol C-2415-2025, liquidador Héctor Ricardo Fuentes Navarrete. Remate 14 de mayo de 2026, a las 13:00 horas en plataforma online www.remateszarate.cl. Bases y antecedentes en www.remateszarate.cl, garantía $ 3.900.000. Comisión 2% más Iva. Marco Antonio Zarate Andrade, Martillero Público RNM 780.

REMATE 17° JUZGADO CIVIL SANTIAGO, Huérfanos 1.409, piso 5, rematará próximo 5 de mayo de 2026 a las 15:30 horas el inmueble consistente en la casa o unidad signada con el número treinta, con acceso por calle proyectada cuatro número doscientos ochenta guion ciento veinte, del Conjunto Habitacional Con-
